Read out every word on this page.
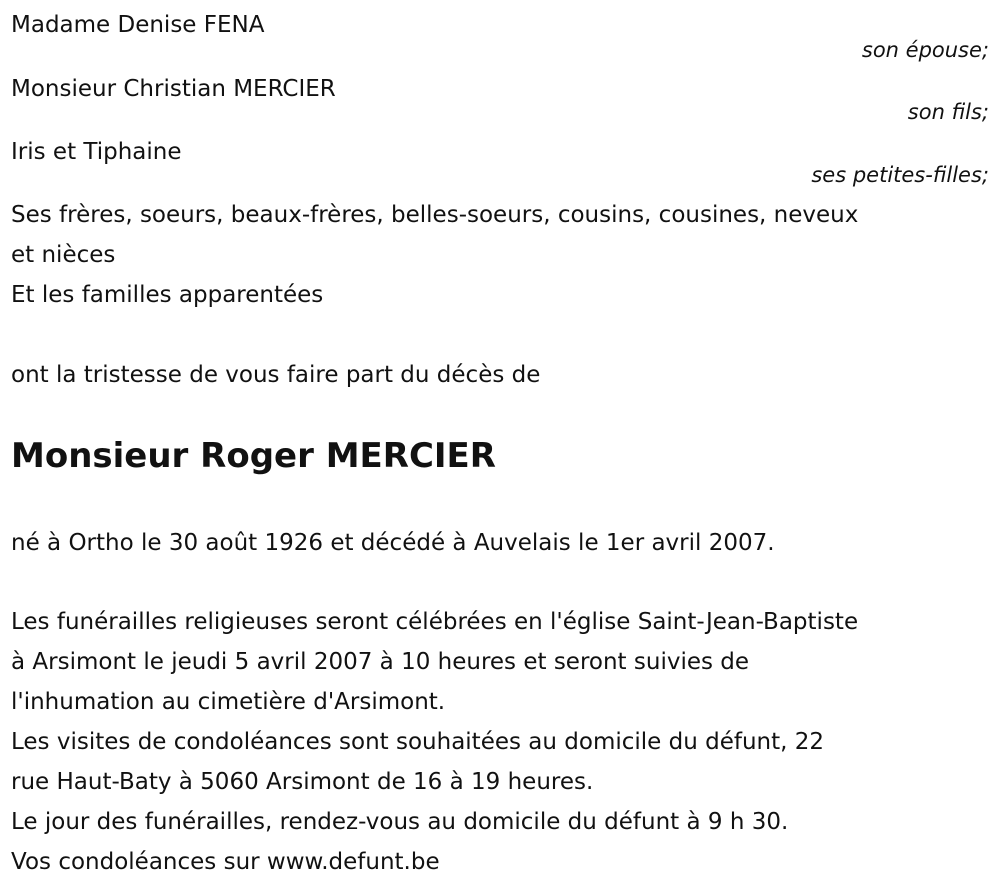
Madame Denise FENA
son épouse;
Monsieur Christian MERCIER
son fils;
Iris et Tiphaine
ses petites-filles;
Ses frères, soeurs, beaux-frères, belles-soeurs, cousins, cousines, neveux
et nièces
Et les familles apparentées
ont la tristesse de vous faire part du décès de
Monsieur Roger MERCIER
né à Ortho le 30 août 1926 et décédé à Auvelais le 1er avril 2007.
Les funérailles religieuses seront célébrées en l'église Saint-Jean-Baptiste
à Arsimont le jeudi 5 avril 2007 à 10 heures et seront suivies de
l'inhumation au cimetière d'Arsimont.
Les visites de condoléances sont souhaitées au domicile du défunt, 22
rue Haut-Baty à 5060 Arsimont de 16 à 19 heures.
Le jour des funérailles, rendez-vous au domicile du défunt à 9 h 30.
Vos condoléances sur www.defunt.be
